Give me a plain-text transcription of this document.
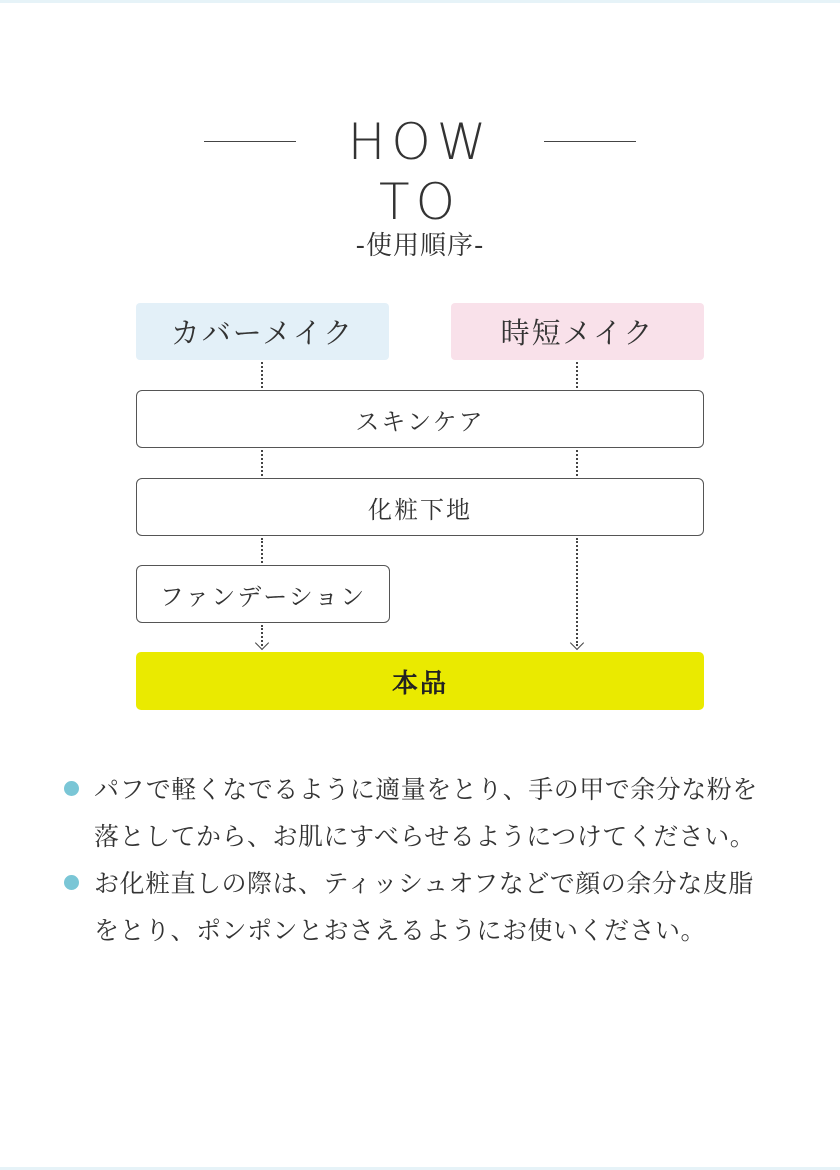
HOW TO
-使用順序-
カバーメイク	時短メイク
スキンケア
化粧下地
ファンデーション
本品
パフで軽くなでるように適量をとり、手の甲で余分な粉を
落としてから、お肌にすべらせるようにつけてください。
お化粧直しの際は、ティッシュオフなどで顔の余分な皮脂
をとり、ポンポンとおさえるようにお使いください。
